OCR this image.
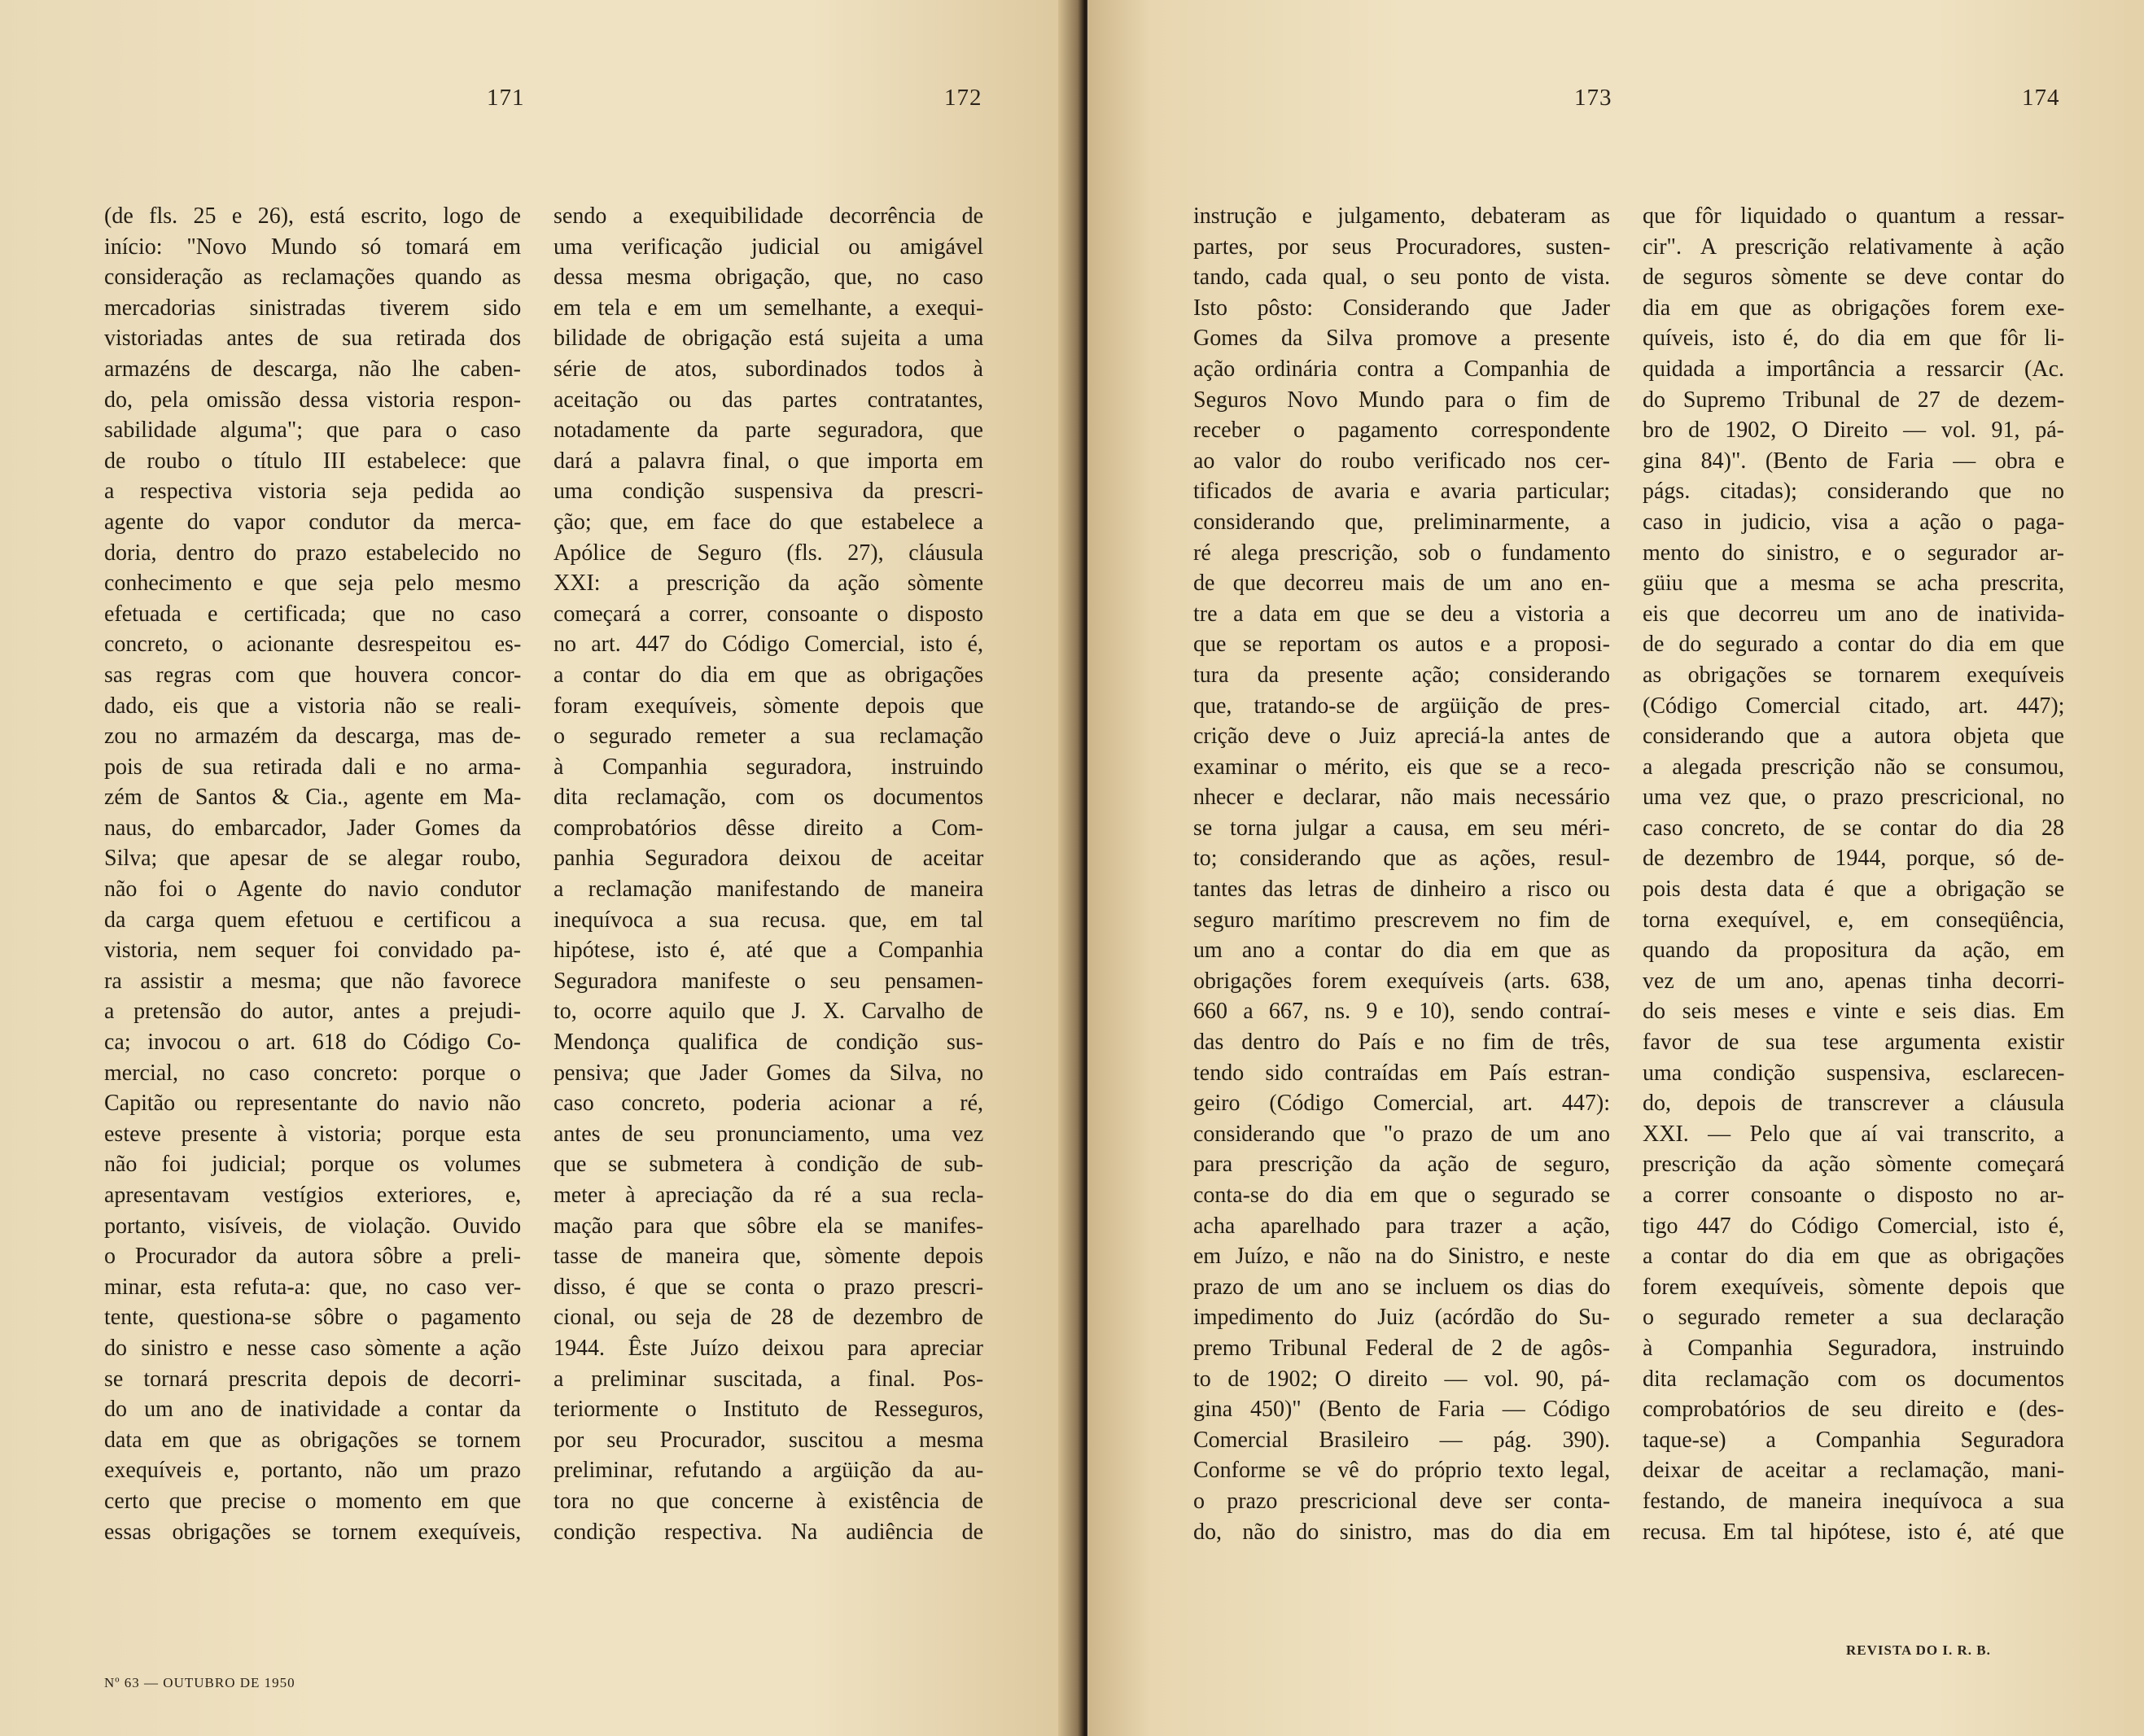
171	172
(de fls. 25 e 26), está escrito, logo de
início: "Novo Mundo só tomará em
consideração as reclamações quando as
mercadorias sinistradas tiverem sido
vistoriadas antes de sua retirada dos
armazéns de descarga, não lhe caben-
do, pela omissão dessa vistoria respon-
sabilidade alguma"; que para o caso
de roubo o título III estabelece: que
a respectiva vistoria seja pedida ao
agente do vapor condutor da merca-
doria, dentro do prazo estabelecido no
conhecimento e que seja pelo mesmo
efetuada e certificada; que no caso
concreto, o acionante desrespeitou es-
sas regras com que houvera concor-
dado, eis que a vistoria não se reali-
zou no armazém da descarga, mas de-
pois de sua retirada dali e no arma-
zém de Santos & Cia., agente em Ma-
naus, do embarcador, Jader Gomes da
Silva; que apesar de se alegar roubo,
não foi o Agente do navio condutor
da carga quem efetuou e certificou a
vistoria, nem sequer foi convidado pa-
ra assistir a mesma; que não favorece
a pretensão do autor, antes a prejudi-
ca; invocou o art. 618 do Código Co-
mercial, no caso concreto: porque o
Capitão ou representante do navio não
esteve presente à vistoria; porque esta
não foi judicial; porque os volumes
apresentavam vestígios exteriores, e,
portanto, visíveis, de violação. Ouvido
o Procurador da autora sôbre a preli-
minar, esta refuta-a: que, no caso ver-
tente, questiona-se sôbre o pagamento
do sinistro e nesse caso sòmente a ação
se tornará prescrita depois de decorri-
do um ano de inatividade a contar da
data em que as obrigações se tornem
exequíveis e, portanto, não um prazo
certo que precise o momento em que
essas obrigações se tornem exequíveis,
sendo a exequibilidade decorrência de
uma verificação judicial ou amigável
dessa mesma obrigação, que, no caso
em tela e em um semelhante, a exequi-
bilidade de obrigação está sujeita a uma
série de atos, subordinados todos à
aceitação ou das partes contratantes,
notadamente da parte seguradora, que
dará a palavra final, o que importa em
uma condição suspensiva da prescri-
ção; que, em face do que estabelece a
Apólice de Seguro (fls. 27), cláusula
XXI: a prescrição da ação sòmente
começará a correr, consoante o disposto
no art. 447 do Código Comercial, isto é,
a contar do dia em que as obrigações
foram exequíveis, sòmente depois que
o segurado remeter a sua reclamação
à Companhia seguradora, instruindo
dita reclamação, com os documentos
comprobatórios dêsse direito a Com-
panhia Seguradora deixou de aceitar
a reclamação manifestando de maneira
inequívoca a sua recusa. que, em tal
hipótese, isto é, até que a Companhia
Seguradora manifeste o seu pensamen-
to, ocorre aquilo que J. X. Carvalho de
Mendonça qualifica de condição sus-
pensiva; que Jader Gomes da Silva, no
caso concreto, poderia acionar a ré,
antes de seu pronunciamento, uma vez
que se submetera à condição de sub-
meter à apreciação da ré a sua recla-
mação para que sôbre ela se manifes-
tasse de maneira que, sòmente depois
disso, é que se conta o prazo prescri-
cional, ou seja de 28 de dezembro de
1944. Êste Juízo deixou para apreciar
a preliminar suscitada, a final. Pos-
teriormente o Instituto de Resseguros,
por seu Procurador, suscitou a mesma
preliminar, refutando a argüição da au-
tora no que concerne à existência de
condição respectiva. Na audiência de
Nº 63 — OUTUBRO DE 1950
173	174
instrução e julgamento, debateram as
partes, por seus Procuradores, susten-
tando, cada qual, o seu ponto de vista.
Isto pôsto: Considerando que Jader
Gomes da Silva promove a presente
ação ordinária contra a Companhia de
Seguros Novo Mundo para o fim de
receber o pagamento correspondente
ao valor do roubo verificado nos cer-
tificados de avaria e avaria particular;
considerando que, preliminarmente, a
ré alega prescrição, sob o fundamento
de que decorreu mais de um ano en-
tre a data em que se deu a vistoria a
que se reportam os autos e a proposi-
tura da presente ação; considerando
que, tratando-se de argüição de pres-
crição deve o Juiz apreciá-la antes de
examinar o mérito, eis que se a reco-
nhecer e declarar, não mais necessário
se torna julgar a causa, em seu méri-
to; considerando que as ações, resul-
tantes das letras de dinheiro a risco ou
seguro marítimo prescrevem no fim de
um ano a contar do dia em que as
obrigações forem exequíveis (arts. 638,
660 a 667, ns. 9 e 10), sendo contraí-
das dentro do País e no fim de três,
tendo sido contraídas em País estran-
geiro (Código Comercial, art. 447):
considerando que "o prazo de um ano
para prescrição da ação de seguro,
conta-se do dia em que o segurado se
acha aparelhado para trazer a ação,
em Juízo, e não na do Sinistro, e neste
prazo de um ano se incluem os dias do
impedimento do Juiz (acórdão do Su-
premo Tribunal Federal de 2 de agôs-
to de 1902; O direito — vol. 90, pá-
gina 450)" (Bento de Faria — Código
Comercial Brasileiro — pág. 390).
Conforme se vê do próprio texto legal,
o prazo prescricional deve ser conta-
do, não do sinistro, mas do dia em
que fôr liquidado o quantum a ressar-
cir". A prescrição relativamente à ação
de seguros sòmente se deve contar do
dia em que as obrigações forem exe-
quíveis, isto é, do dia em que fôr li-
quidada a importância a ressarcir (Ac.
do Supremo Tribunal de 27 de dezem-
bro de 1902, O Direito — vol. 91, pá-
gina 84)". (Bento de Faria — obra e
págs. citadas); considerando que no
caso in judicio, visa a ação o paga-
mento do sinistro, e o segurador ar-
güiu que a mesma se acha prescrita,
eis que decorreu um ano de inativida-
de do segurado a contar do dia em que
as obrigações se tornarem exequíveis
(Código Comercial citado, art. 447);
considerando que a autora objeta que
a alegada prescrição não se consumou,
uma vez que, o prazo prescricional, no
caso concreto, de se contar do dia 28
de dezembro de 1944, porque, só de-
pois desta data é que a obrigação se
torna exequível, e, em conseqüência,
quando da propositura da ação, em
vez de um ano, apenas tinha decorri-
do seis meses e vinte e seis dias. Em
favor de sua tese argumenta existir
uma condição suspensiva, esclarecen-
do, depois de transcrever a cláusula
XXI. — Pelo que aí vai transcrito, a
prescrição da ação sòmente começará
a correr consoante o disposto no ar-
tigo 447 do Código Comercial, isto é,
a contar do dia em que as obrigações
forem exequíveis, sòmente depois que
o segurado remeter a sua declaração
à Companhia Seguradora, instruindo
dita reclamação com os documentos
comprobatórios de seu direito e (des-
taque-se) a Companhia Seguradora
deixar de aceitar a reclamação, mani-
festando, de maneira inequívoca a sua
recusa. Em tal hipótese, isto é, até que
REVISTA DO I. R. B.
